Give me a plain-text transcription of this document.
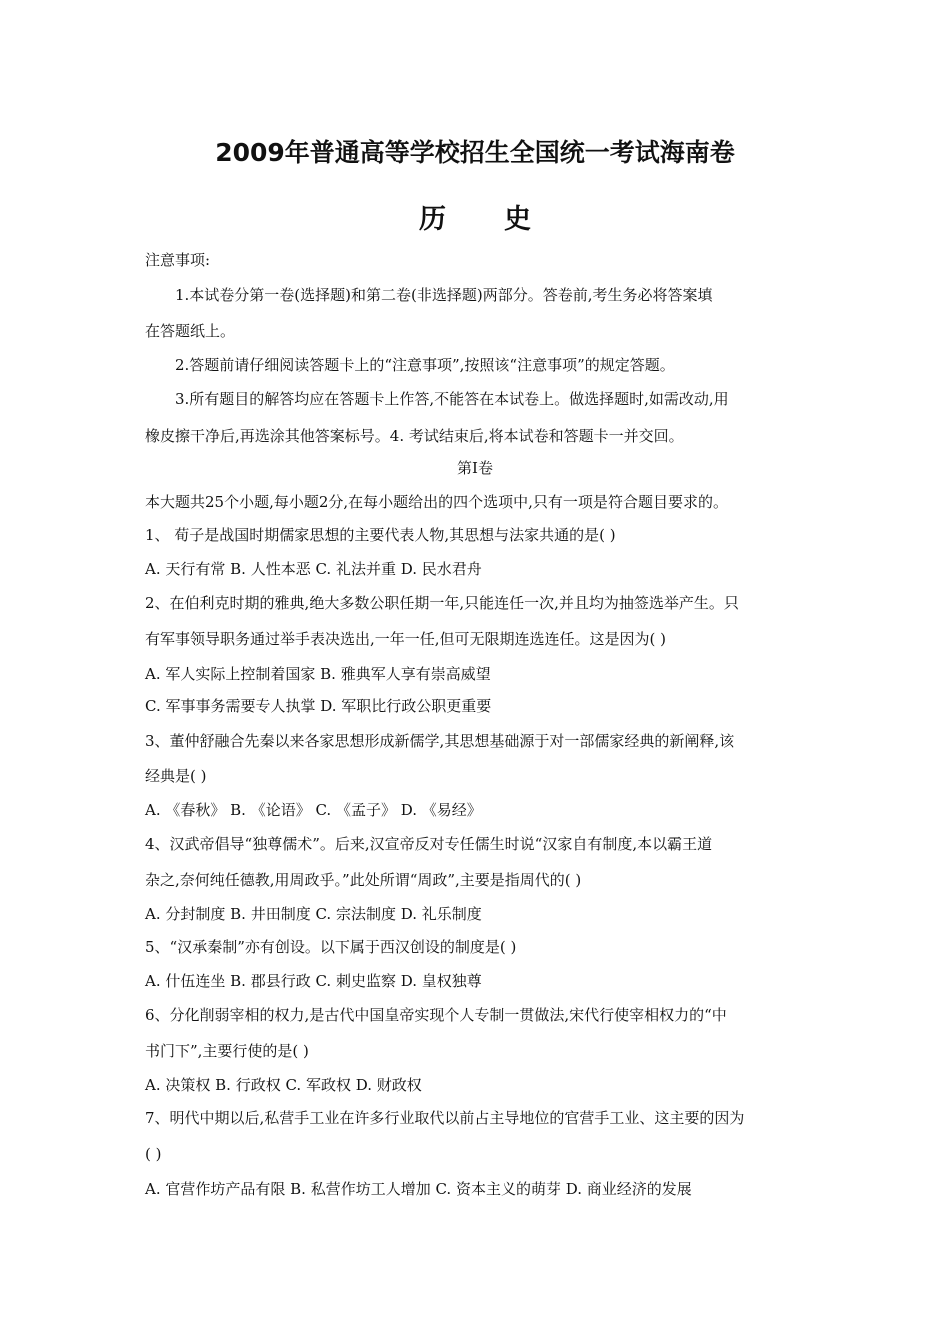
2009年普通高等学校招生全国统一考试海南卷
历 史
注意事项:
1.本试卷分第一卷(选择题)和第二卷(非选择题)两部分。答卷前,考生务必将答案填
在答题纸上。
2.答题前请仔细阅读答题卡上的“注意事项”,按照该“注意事项”的规定答题。
3.所有题目的解答均应在答题卡上作答,不能答在本试卷上。做选择题时,如需改动,用
橡皮擦干净后,再选涂其他答案标号。4. 考试结束后,将本试卷和答题卡一并交回。
第Ⅰ卷
本大题共25个小题,每小题2分,在每小题给出的四个选项中,只有一项是符合题目要求的。
1、 荀子是战国时期儒家思想的主要代表人物,其思想与法家共通的是( )
A. 天行有常 B. 人性本恶 C. 礼法并重 D. 民水君舟
2、在伯利克时期的雅典,绝大多数公职任期一年,只能连任一次,并且均为抽签选举产生。只
有军事领导职务通过举手表决选出,一年一任,但可无限期连选连任。这是因为( )
A. 军人实际上控制着国家 B. 雅典军人享有崇高威望
C. 军事事务需要专人执掌 D. 军职比行政公职更重要
3、董仲舒融合先秦以来各家思想形成新儒学,其思想基础源于对一部儒家经典的新阐释,该
经典是( )
A. 《春秋》 B. 《论语》 C. 《孟子》 D. 《易经》
4、汉武帝倡导“独尊儒术”。后来,汉宣帝反对专任儒生时说“汉家自有制度,本以霸王道
杂之,奈何纯任德教,用周政乎。”此处所谓“周政”,主要是指周代的( )
A. 分封制度 B. 井田制度 C. 宗法制度 D. 礼乐制度
5、“汉承秦制”亦有创设。以下属于西汉创设的制度是( )
A. 什伍连坐 B. 郡县行政 C. 刺史监察 D. 皇权独尊
6、分化削弱宰相的权力,是古代中国皇帝实现个人专制一贯做法,宋代行使宰相权力的“中
书门下”,主要行使的是( )
A. 决策权 B. 行政权 C. 军政权 D. 财政权
7、明代中期以后,私营手工业在许多行业取代以前占主导地位的官营手工业、这主要的因为
( )
A. 官营作坊产品有限 B. 私营作坊工人增加 C. 资本主义的萌芽 D. 商业经济的发展
